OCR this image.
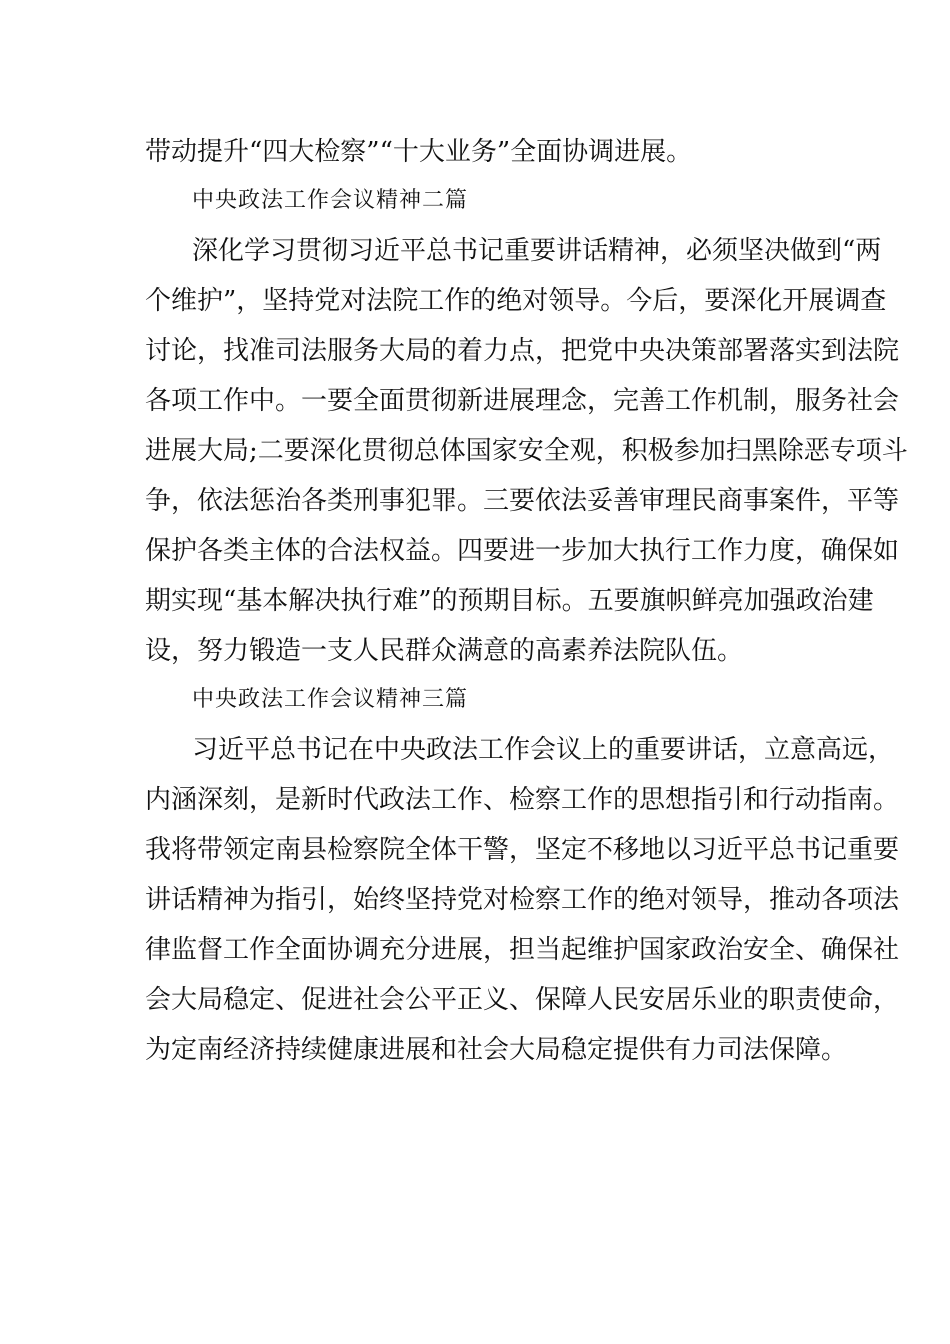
带动提升“四大检察”“十大业务”全面协调进展。
中央政法工作会议精神二篇
深化学习贯彻习近平总书记重要讲话精神，必须坚决做到“两
个维护”，坚持党对法院工作的绝对领导。今后，要深化开展调查
讨论，找准司法服务大局的着力点，把党中央决策部署落实到法院
各项工作中。一要全面贯彻新进展理念，完善工作机制，服务社会
进展大局;二要深化贯彻总体国家安全观，积极参加扫黑除恶专项斗
争，依法惩治各类刑事犯罪。三要依法妥善审理民商事案件，平等
保护各类主体的合法权益。四要进一步加大执行工作力度，确保如
期实现“基本解决执行难”的预期目标。五要旗帜鲜亮加强政治建
设，努力锻造一支人民群众满意的高素养法院队伍。
中央政法工作会议精神三篇
习近平总书记在中央政法工作会议上的重要讲话，立意高远，
内涵深刻，是新时代政法工作、检察工作的思想指引和行动指南。
我将带领定南县检察院全体干警，坚定不移地以习近平总书记重要
讲话精神为指引，始终坚持党对检察工作的绝对领导，推动各项法
律监督工作全面协调充分进展，担当起维护国家政治安全、确保社
会大局稳定、促进社会公平正义、保障人民安居乐业的职责使命，
为定南经济持续健康进展和社会大局稳定提供有力司法保障。
